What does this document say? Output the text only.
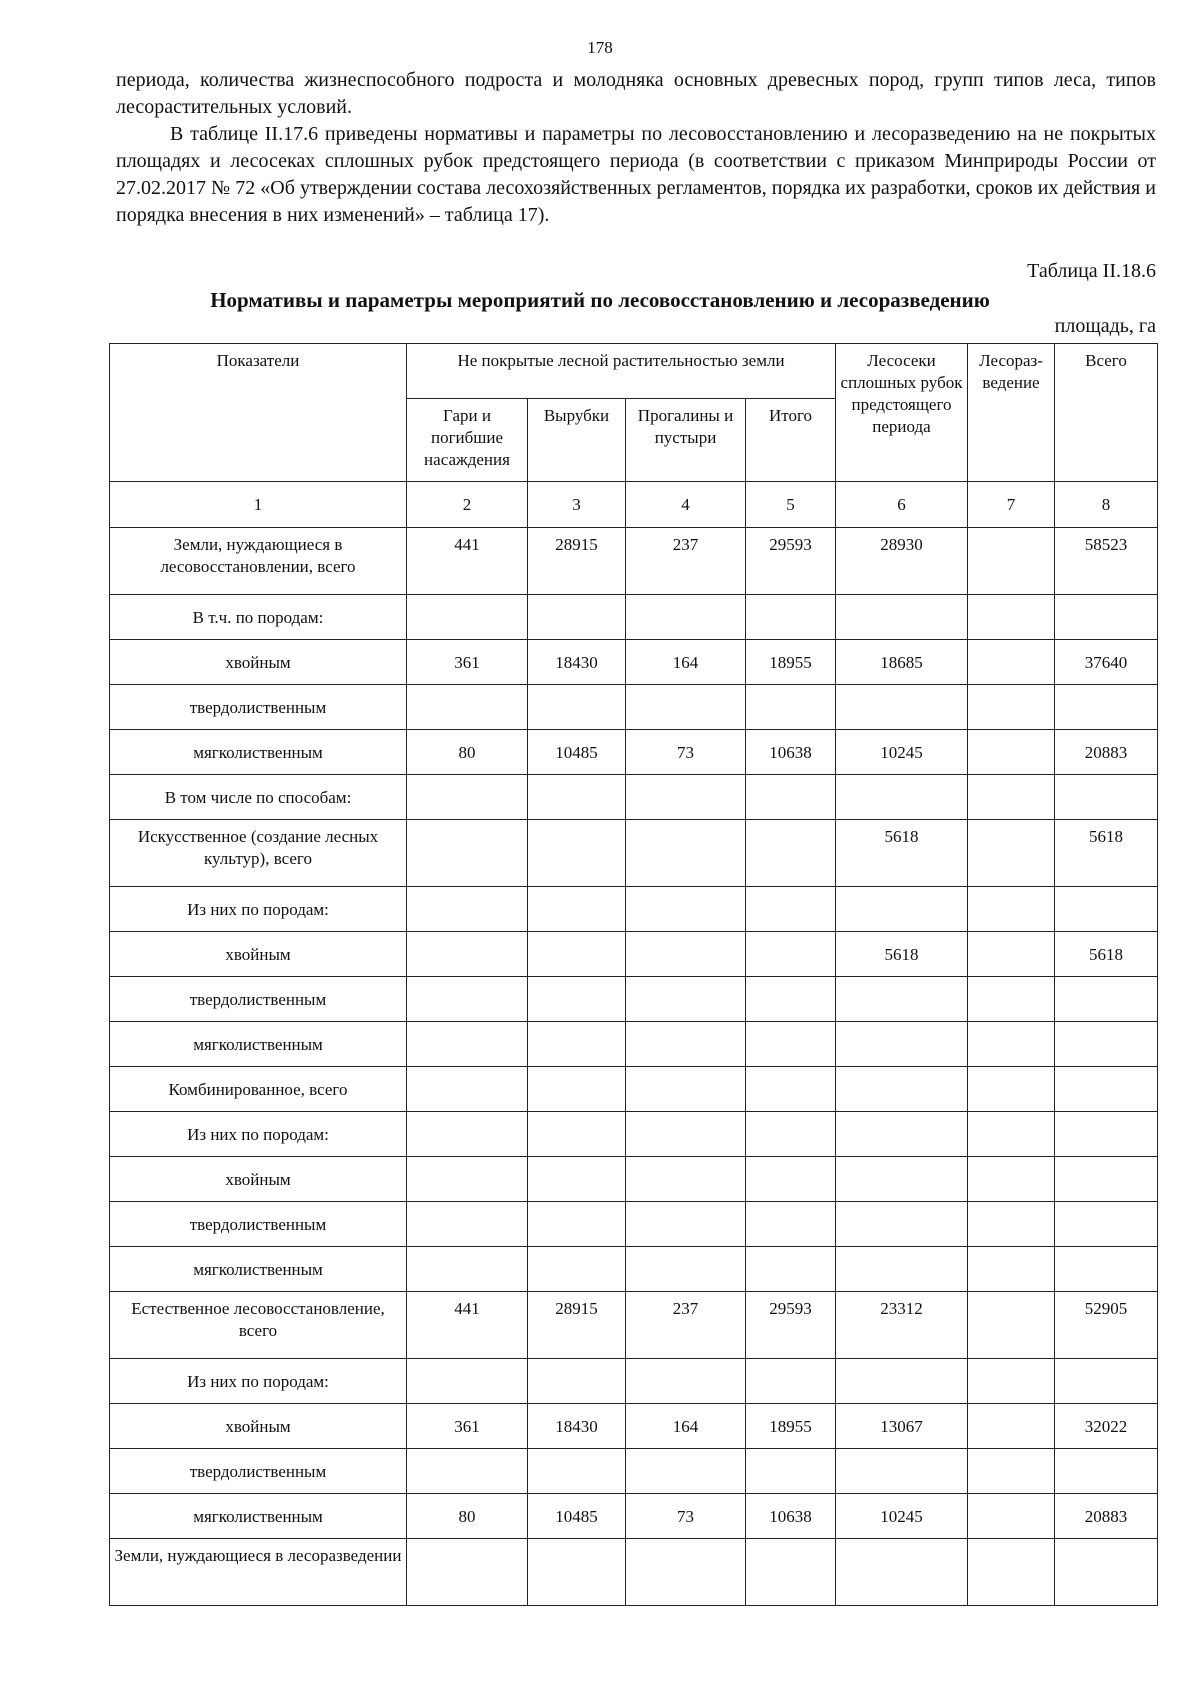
178

периода, количества жизнеспособного подроста и молодняка основных древесных пород, групп типов леса, типов лесорастительных условий.

В таблице II.17.6 приведены нормативы и параметры по лесовосстановлению и лесоразведению на не покрытых площадях и лесосеках сплошных рубок предстоящего периода (в соответствии с приказом Минприроды России от 27.02.2017 № 72 «Об утверждении состава лесохозяйственных регламентов, порядка их разработки, сроков их действия и порядка внесения в них изменений» – таблица 17).

Таблица II.18.6
Нормативы и параметры мероприятий по лесовосстановлению и лесоразведению
площадь, га
Показатели	Не покрытые лесной растительностью земли				Лесосеки сплошных рубок предстоящего периода	Лесораз-ведение	Всего
	Гари и погибшие насаждения	Вырубки	Прогалины и пустыри	Итого			
1	2	3	4	5	6	7	8
Земли, нуждающиеся в лесовосстановлении, всего	441	28915	237	29593	28930		58523
В т.ч. по породам:							
хвойным	361	18430	164	18955	18685		37640
твердолиственным							
мягколиственным	80	10485	73	10638	10245		20883
В том числе по способам:							
Искусственное (создание лесных культур), всего					5618		5618
Из них по породам:							
хвойным					5618		5618
твердолиственным							
мягколиственным							
Комбинированное, всего							
Из них по породам:							
хвойным							
твердолиственным							
мягколиственным							
Естественное лесовосстановление, всего	441	28915	237	29593	23312		52905
Из них по породам:							
хвойным	361	18430	164	18955	13067		32022
твердолиственным							
мягколиственным	80	10485	73	10638	10245		20883
Земли, нуждающиеся в лесоразведении							
